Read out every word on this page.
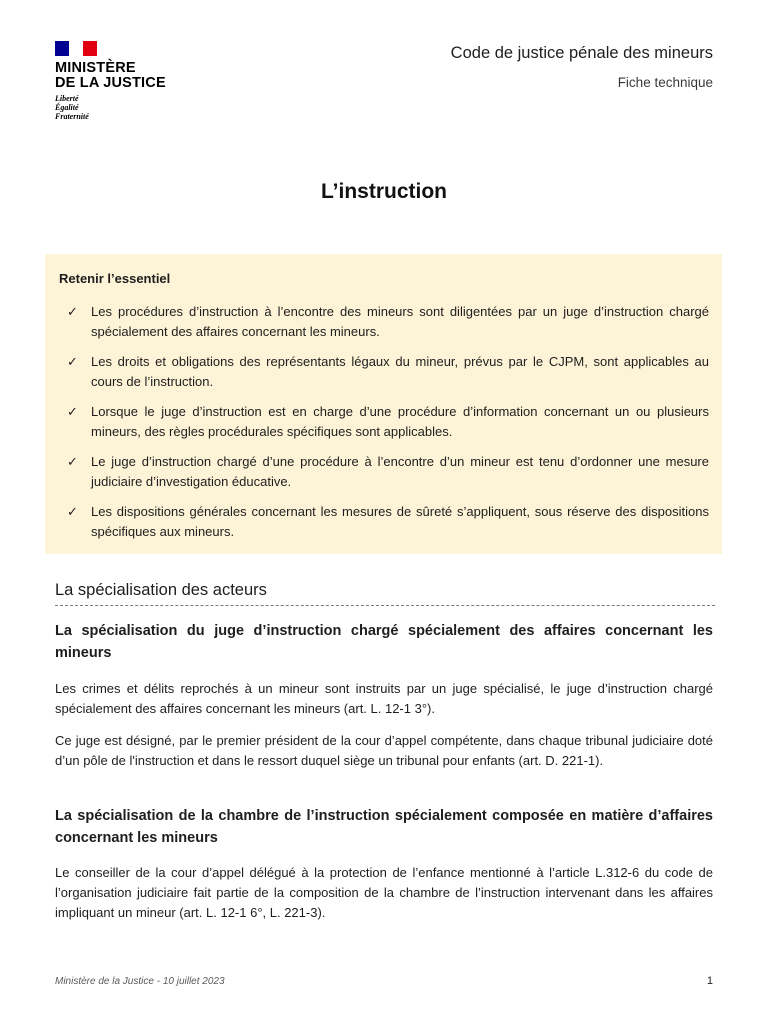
MINISTÈRE
DE LA JUSTICE
Liberté
Égalité
Fraternité
Code de justice pénale des mineurs
Fiche technique
L’instruction
Retenir l’essentiel
✓ Les procédures d’instruction à l’encontre des mineurs sont diligentées par un juge d’instruction chargé spécialement des affaires concernant les mineurs.
✓ Les droits et obligations des représentants légaux du mineur, prévus par le CJPM, sont applicables au cours de l’instruction.
✓ Lorsque le juge d’instruction est en charge d’une procédure d’information concernant un ou plusieurs mineurs, des règles procédurales spécifiques sont applicables.
✓ Le juge d’instruction chargé d’une procédure à l’encontre d’un mineur est tenu d’ordonner une mesure judiciaire d’investigation éducative.
✓ Les dispositions générales concernant les mesures de sûreté s’appliquent, sous réserve des dispositions spécifiques aux mineurs.
La spécialisation des acteurs
La spécialisation du juge d’instruction chargé spécialement des affaires concernant les mineurs
Les crimes et délits reprochés à un mineur sont instruits par un juge spécialisé, le juge d’instruction chargé spécialement des affaires concernant les mineurs (art. L. 12-1 3°).
Ce juge est désigné, par le premier président de la cour d’appel compétente, dans chaque tribunal judiciaire doté d’un pôle de l'instruction et dans le ressort duquel siège un tribunal pour enfants (art. D. 221-1).
La spécialisation de la chambre de l’instruction spécialement composée en matière d’affaires concernant les mineurs
Le conseiller de la cour d’appel délégué à la protection de l’enfance mentionné à l’article L.312-6 du code de l’organisation judiciaire fait partie de la composition de la chambre de l’instruction intervenant dans les affaires impliquant un mineur (art. L. 12-1 6°, L. 221-3).
Ministère de la Justice - 10 juillet 2023	1
